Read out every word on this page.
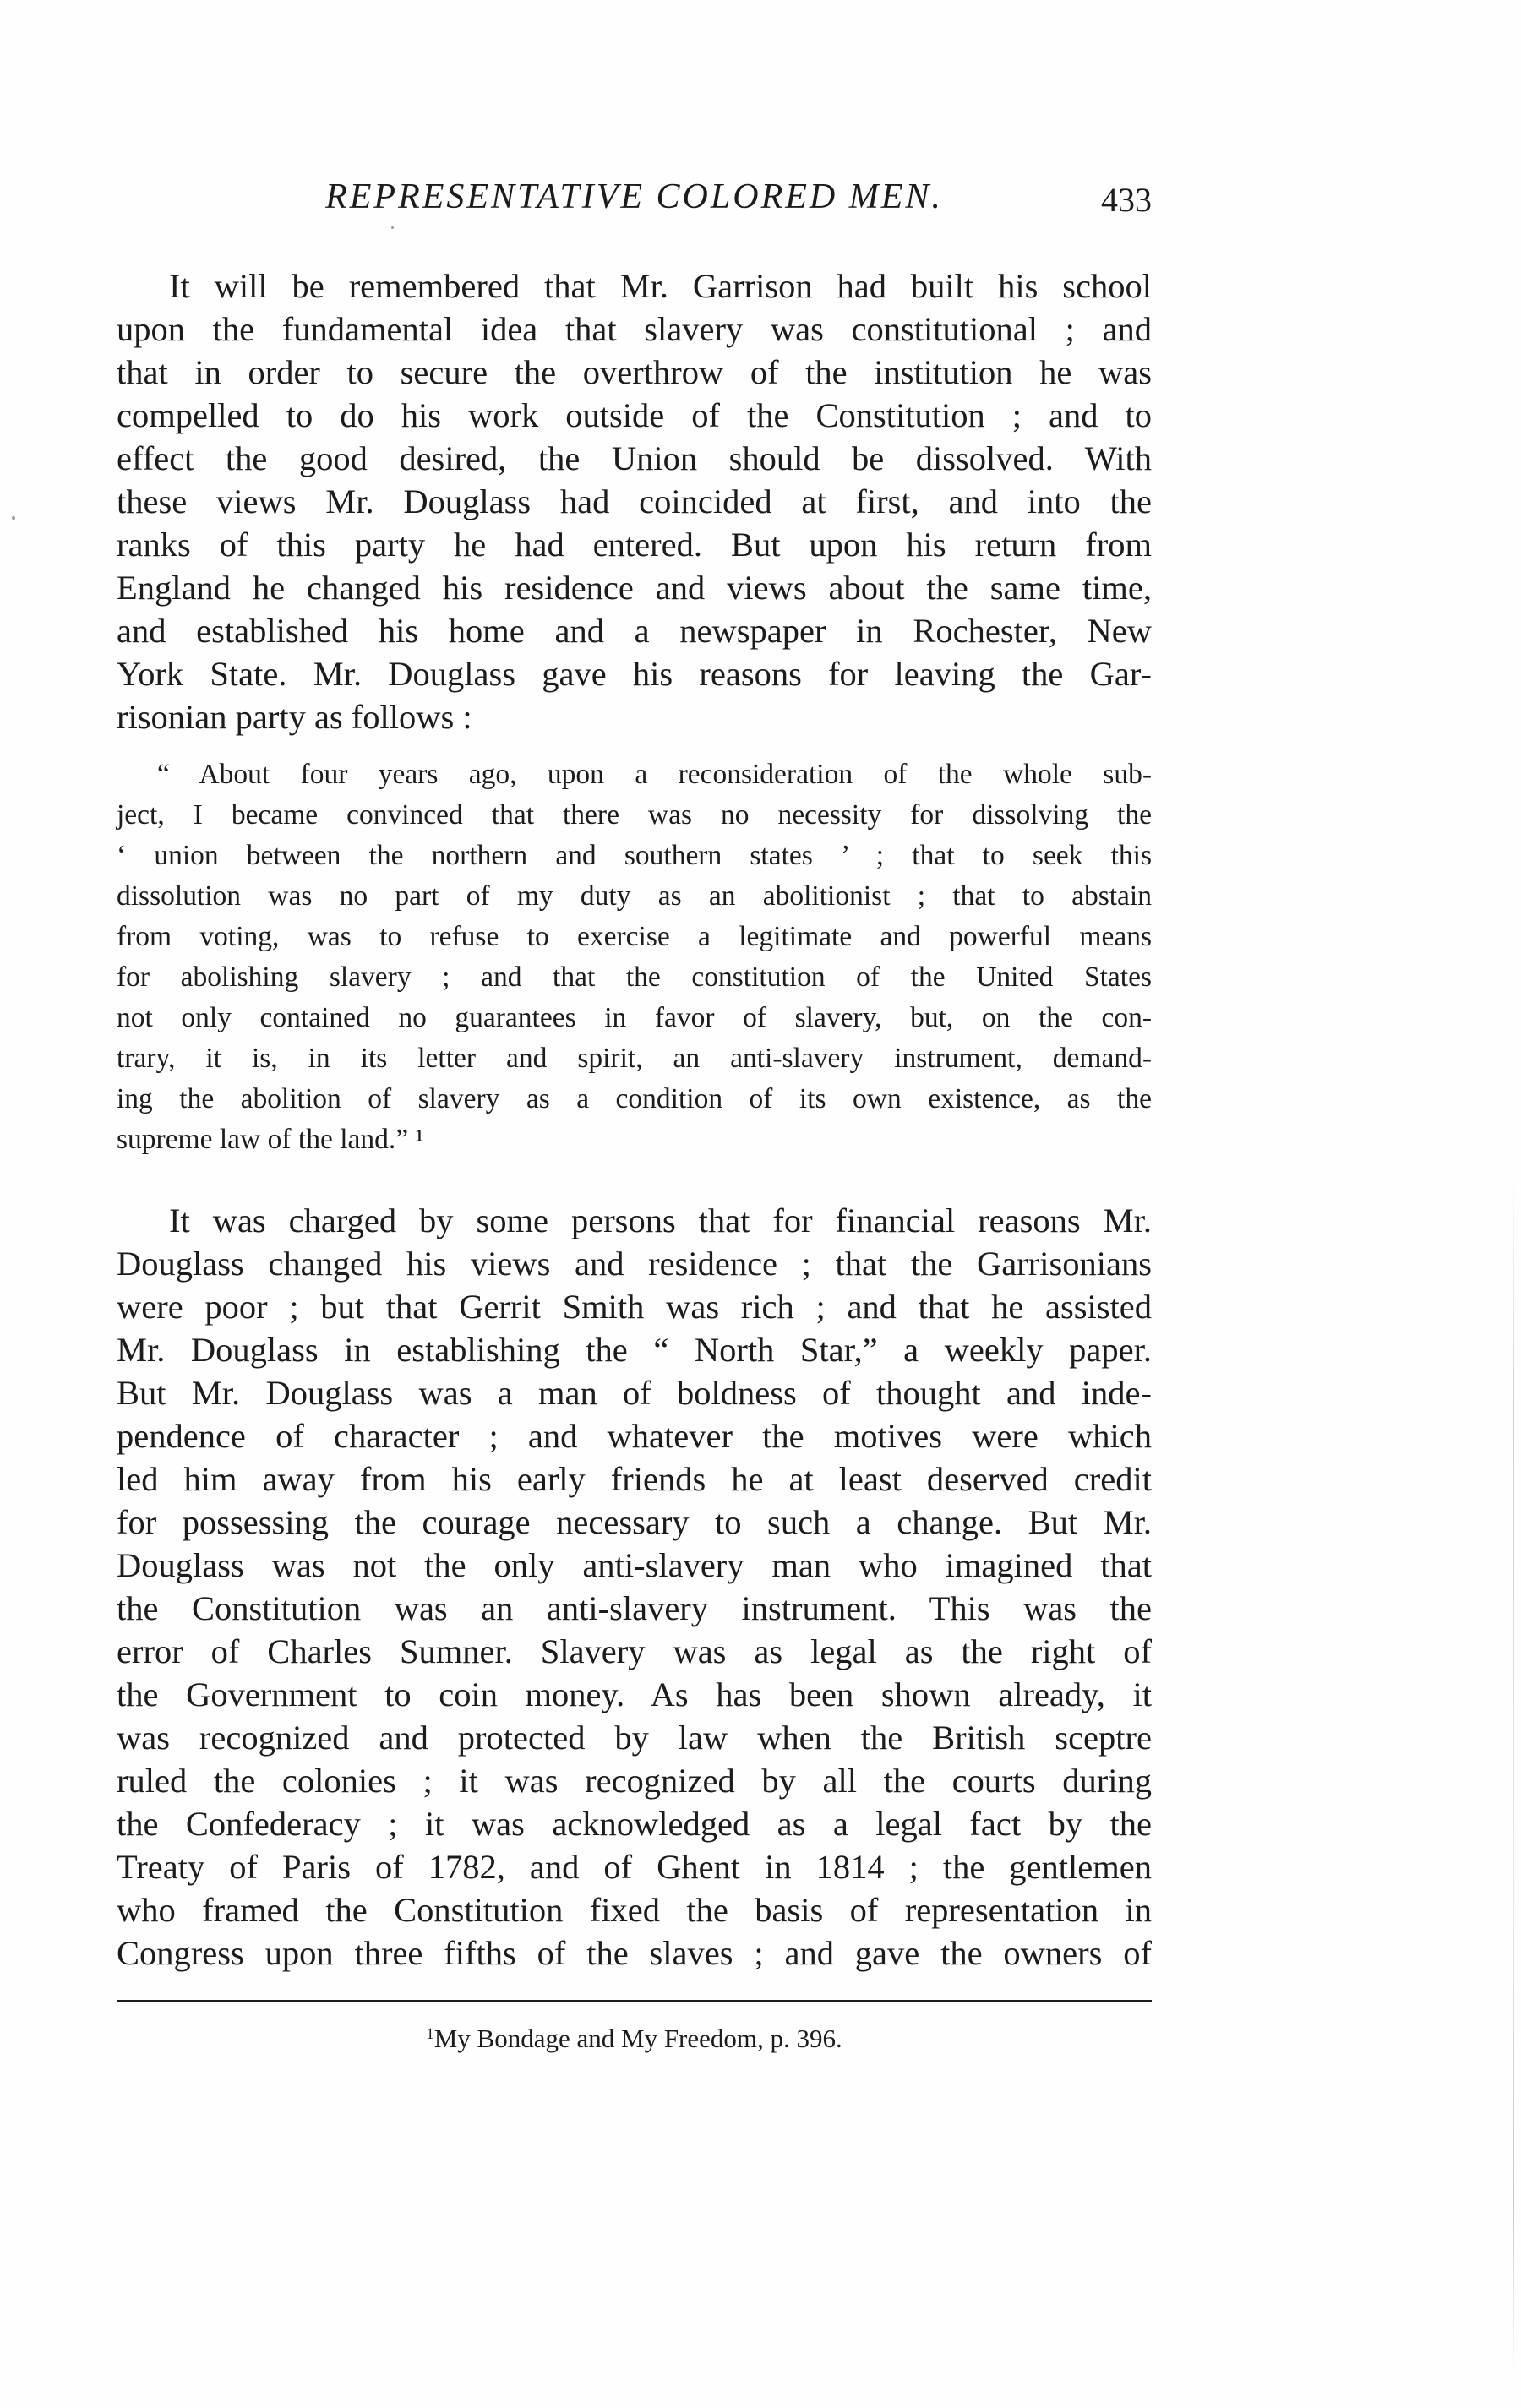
REPRESENTATIVE COLORED MEN.	433
It will be remembered that Mr. Garrison had built his school
upon the fundamental idea that slavery was constitutional ; and
that in order to secure the overthrow of the institution he was
compelled to do his work outside of the Constitution ; and to
effect the good desired, the Union should be dissolved. With
these views Mr. Douglass had coincided at first, and into the
ranks of this party he had entered. But upon his return from
England he changed his residence and views about the same time,
and established his home and a newspaper in Rochester, New
York State. Mr. Douglass gave his reasons for leaving the Gar-
risonian party as follows :
“ About four years ago, upon a reconsideration of the whole sub-
ject, I became convinced that there was no necessity for dissolving the
‘ union between the northern and southern states ’ ; that to seek this
dissolution was no part of my duty as an abolitionist ; that to abstain
from voting, was to refuse to exercise a legitimate and powerful means
for abolishing slavery ; and that the constitution of the United States
not only contained no guarantees in favor of slavery, but, on the con-
trary, it is, in its letter and spirit, an anti-slavery instrument, demand-
ing the abolition of slavery as a condition of its own existence, as the
supreme law of the land.” ¹
It was charged by some persons that for financial reasons Mr.
Douglass changed his views and residence ; that the Garrisonians
were poor ; but that Gerrit Smith was rich ; and that he assisted
Mr. Douglass in establishing the “ North Star,” a weekly paper.
But Mr. Douglass was a man of boldness of thought and inde-
pendence of character ; and whatever the motives were which
led him away from his early friends he at least deserved credit
for possessing the courage necessary to such a change. But Mr.
Douglass was not the only anti-slavery man who imagined that
the Constitution was an anti-slavery instrument. This was the
error of Charles Sumner. Slavery was as legal as the right of
the Government to coin money. As has been shown already, it
was recognized and protected by law when the British sceptre
ruled the colonies ; it was recognized by all the courts during
the Confederacy ; it was acknowledged as a legal fact by the
Treaty of Paris of 1782, and of Ghent in 1814 ; the gentlemen
who framed the Constitution fixed the basis of representation in
Congress upon three fifths of the slaves ; and gave the owners of
$^1$My Bondage and My Freedom, p. 396.
